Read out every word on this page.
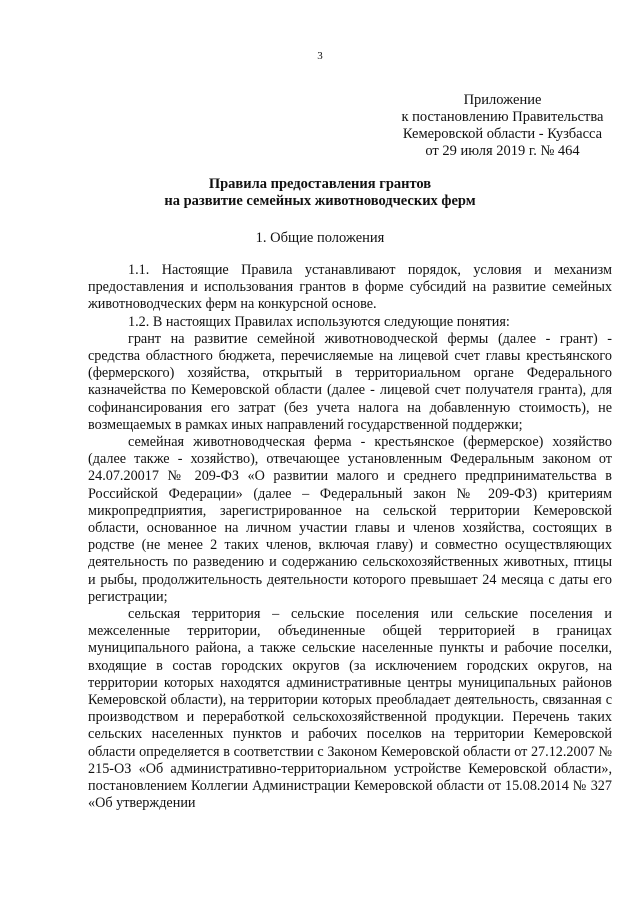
3
Приложение
к постановлению Правительства
Кемеровской области - Кузбасса
от 29 июля 2019 г. № 464
Правила предоставления грантов
на развитие семейных животноводческих ферм
1. Общие положения

1.1. Настоящие Правила устанавливают порядок, условия и механизм предоставления и использования грантов в форме субсидий на развитие семейных животноводческих ферм на конкурсной основе.

1.2. В настоящих Правилах используются следующие понятия:

грант на развитие семейной животноводческой фермы (далее - грант) - средства областного бюджета, перечисляемые на лицевой счет главы крестьянского (фермерского) хозяйства, открытый в территориальном органе Федерального казначейства по Кемеровской области (далее - лицевой счет получателя гранта), для софинансирования его затрат (без учета налога на добавленную стоимость), не возмещаемых в рамках иных направлений государственной поддержки;

семейная животноводческая ферма - крестьянское (фермерское) хозяйство (далее также - хозяйство), отвечающее установленным Федеральным законом от 24.07.20017 № 209-ФЗ «О развитии малого и среднего предпринимательства в Российской Федерации» (далее – Федеральный закон № 209-ФЗ) критериям микропредприятия, зарегистрированное на сельской территории Кемеровской области, основанное на личном участии главы и членов хозяйства, состоящих в родстве (не менее 2 таких членов, включая главу) и совместно осуществляющих деятельность по разведению и содержанию сельскохозяйственных животных, птицы и рыбы, продолжительность деятельности которого превышает 24 месяца с даты его регистрации;

сельская территория – сельские поселения или сельские поселения и межселенные территории, объединенные общей территорией в границах муниципального района, а также сельские населенные пункты и рабочие поселки, входящие в состав городских округов (за исключением городских округов, на территории которых находятся административные центры муниципальных районов Кемеровской области), на территории которых преобладает деятельность, связанная с производством и переработкой сельскохозяйственной продукции. Перечень таких сельских населенных пунктов и рабочих поселков на территории Кемеровской области определяется в соответствии с Законом Кемеровской области от 27.12.2007 № 215-ОЗ «Об административно-территориальном устройстве Кемеровской области», постановлением Коллегии Администрации Кемеровской области от 15.08.2014 № 327 «Об утверждении
